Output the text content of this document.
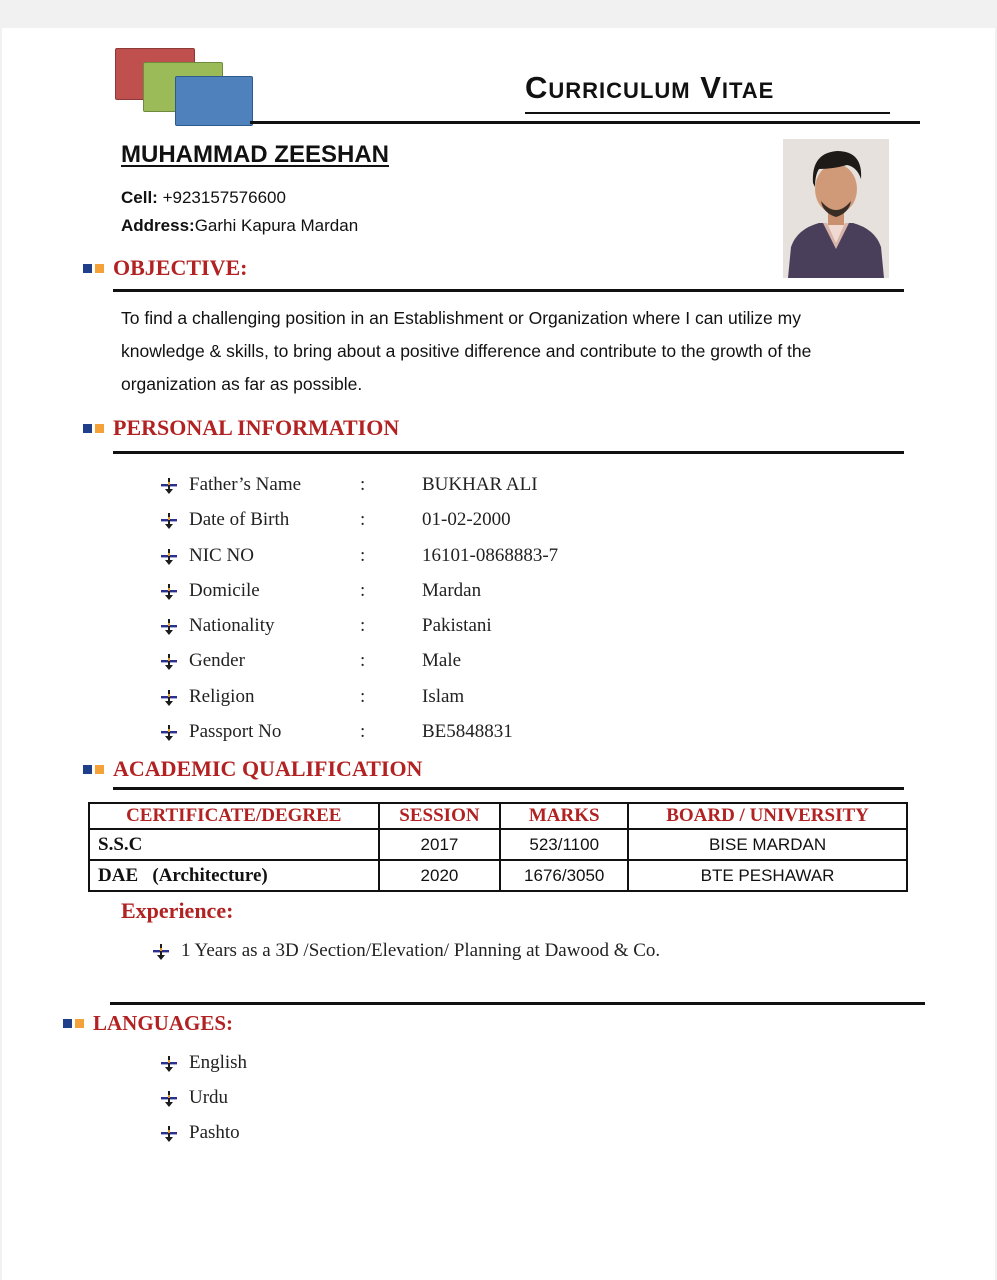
Curriculum Vitae
MUHAMMAD ZEESHAN
Cell: +923157576600
Address:Garhi Kapura Mardan
OBJECTIVE:
To find a challenging position in an Establishment or Organization where I can utilize my knowledge & skills, to bring about a positive difference and contribute to the growth of the organization as far as possible.
PERSONAL INFORMATION
Father’s Name	:	BUKHAR ALI
Date of Birth	:	01-02-2000
NIC NO	:	16101-0868883-7
Domicile	:	Mardan
Nationality	:	Pakistani
Gender	:	Male
Religion	:	Islam
Passport No	:	BE5848831
ACADEMIC QUALIFICATION
CERTIFICATE/DEGREE	SESSION	MARKS	BOARD / UNIVERSITY
S.S.C	2017	523/1100	BISE MARDAN
DAE   (Architecture)	2020	1676/3050	BTE PESHAWAR
Experience:
1 Years as a 3D /Section/Elevation/ Planning at Dawood & Co.
LANGUAGES:
English
Urdu
Pashto
